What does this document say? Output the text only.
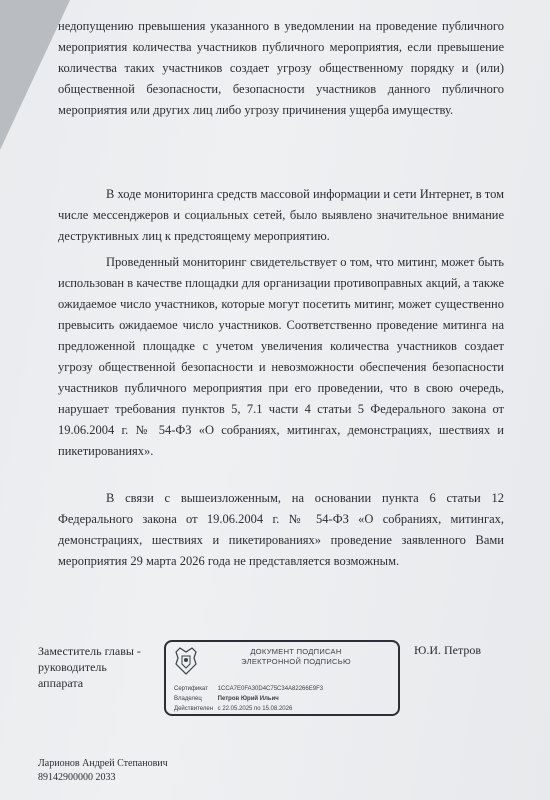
недопущению превышения указанного в уведомлении на проведение публичного мероприятия количества участников публичного мероприятия, если превышение количества таких участников создает угрозу общественному порядку и (или) общественной безопасности, безопасности участников данного публичного мероприятия или других лиц либо угрозу причинения ущерба имуществу.

В ходе мониторинга средств массовой информации и сети Интернет, в том числе мессенджеров и социальных сетей, было выявлено значительное внимание деструктивных лиц к предстоящему мероприятию.

Проведенный мониторинг свидетельствует о том, что митинг, может быть использован в качестве площадки для организации противоправных акций, а также ожидаемое число участников, которые могут посетить митинг, может существенно превысить ожидаемое число участников. Соответственно проведение митинга на предложенной площадке с учетом увеличения количества участников создает угрозу общественной безопасности и невозможности обеспечения безопасности участников публичного мероприятия при его проведении, что в свою очередь, нарушает требования пунктов 5, 7.1 части 4 статьи 5 Федерального закона от 19.06.2004 г. № 54-ФЗ «О собраниях, митингах, демонстрациях, шествиях и пикетированиях».

В связи с вышеизложенным, на основании пункта 6 статьи 12 Федерального закона от 19.06.2004 г. № 54-ФЗ «О собраниях, митингах, демонстрациях, шествиях и пикетированиях» проведение заявленного Вами мероприятия 29 марта 2026 года не представляется возможным.

Заместитель главы -
руководитель
аппарата
ДОКУМЕНТ ПОДПИСАН
ЭЛЕКТРОННОЙ ПОДПИСЬЮ
Сертификат 1CCA7E0FA30D4C75C34A82266E9F3
Владелец	Петров Юрий Ильич
Действителен с 22.05.2025 по 15.08.2026

Ю.И. Петров

Ларионов Андрей Степанович
89142900000 2033
